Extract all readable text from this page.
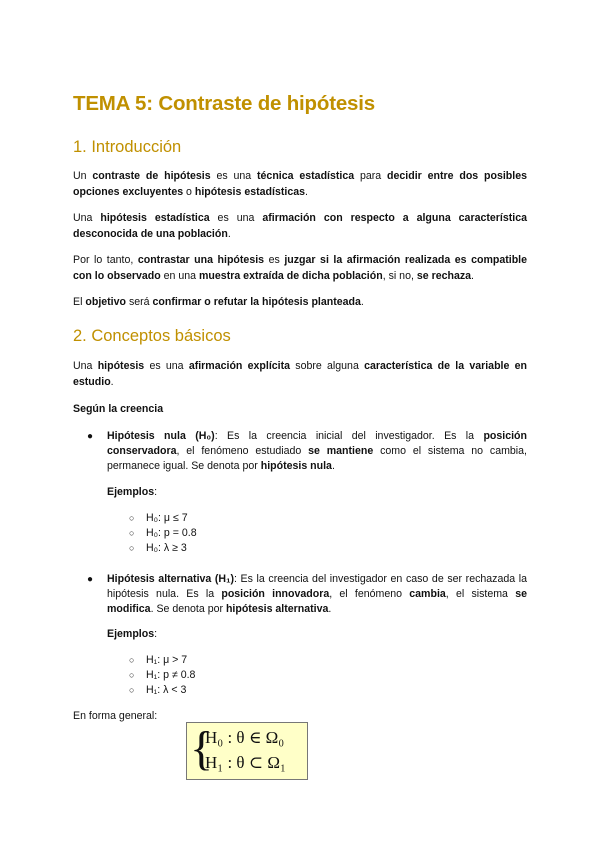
TEMA 5: Contraste de hipótesis
1. Introducción

Un contraste de hipótesis es una técnica estadística para decidir entre dos posibles opciones excluyentes o hipótesis estadísticas.

Una hipótesis estadística es una afirmación con respecto a alguna característica desconocida de una población.

Por lo tanto, contrastar una hipótesis es juzgar si la afirmación realizada es compatible con lo observado en una muestra extraída de dicha población, si no, se rechaza.

El objetivo será confirmar o refutar la hipótesis planteada.

2. Conceptos básicos

Una hipótesis es una afirmación explícita sobre alguna característica de la variable en estudio.

Según la creencia

● Hipótesis nula (H₀): Es la creencia inicial del investigador. Es la posición conservadora, el fenómeno estudiado se mantiene como el sistema no cambia, permanece igual. Se denota por hipótesis nula.
Ejemplos:
○ H₀: μ ≤ 7
○ H₀: p = 0.8
○ H₀: λ ≥ 3
● Hipótesis alternativa (H₁): Es la creencia del investigador en caso de ser rechazada la hipótesis nula. Es la posición innovadora, el fenómeno cambia, el sistema se modifica. Se denota por hipótesis alternativa.
Ejemplos:
○ H₁: μ > 7
○ H₁: p ≠ 0.8
○ H₁: λ < 3

En forma general:

{
H₀ : θ ∈ Ω₀
H₁ : θ ⊂ Ω₁
